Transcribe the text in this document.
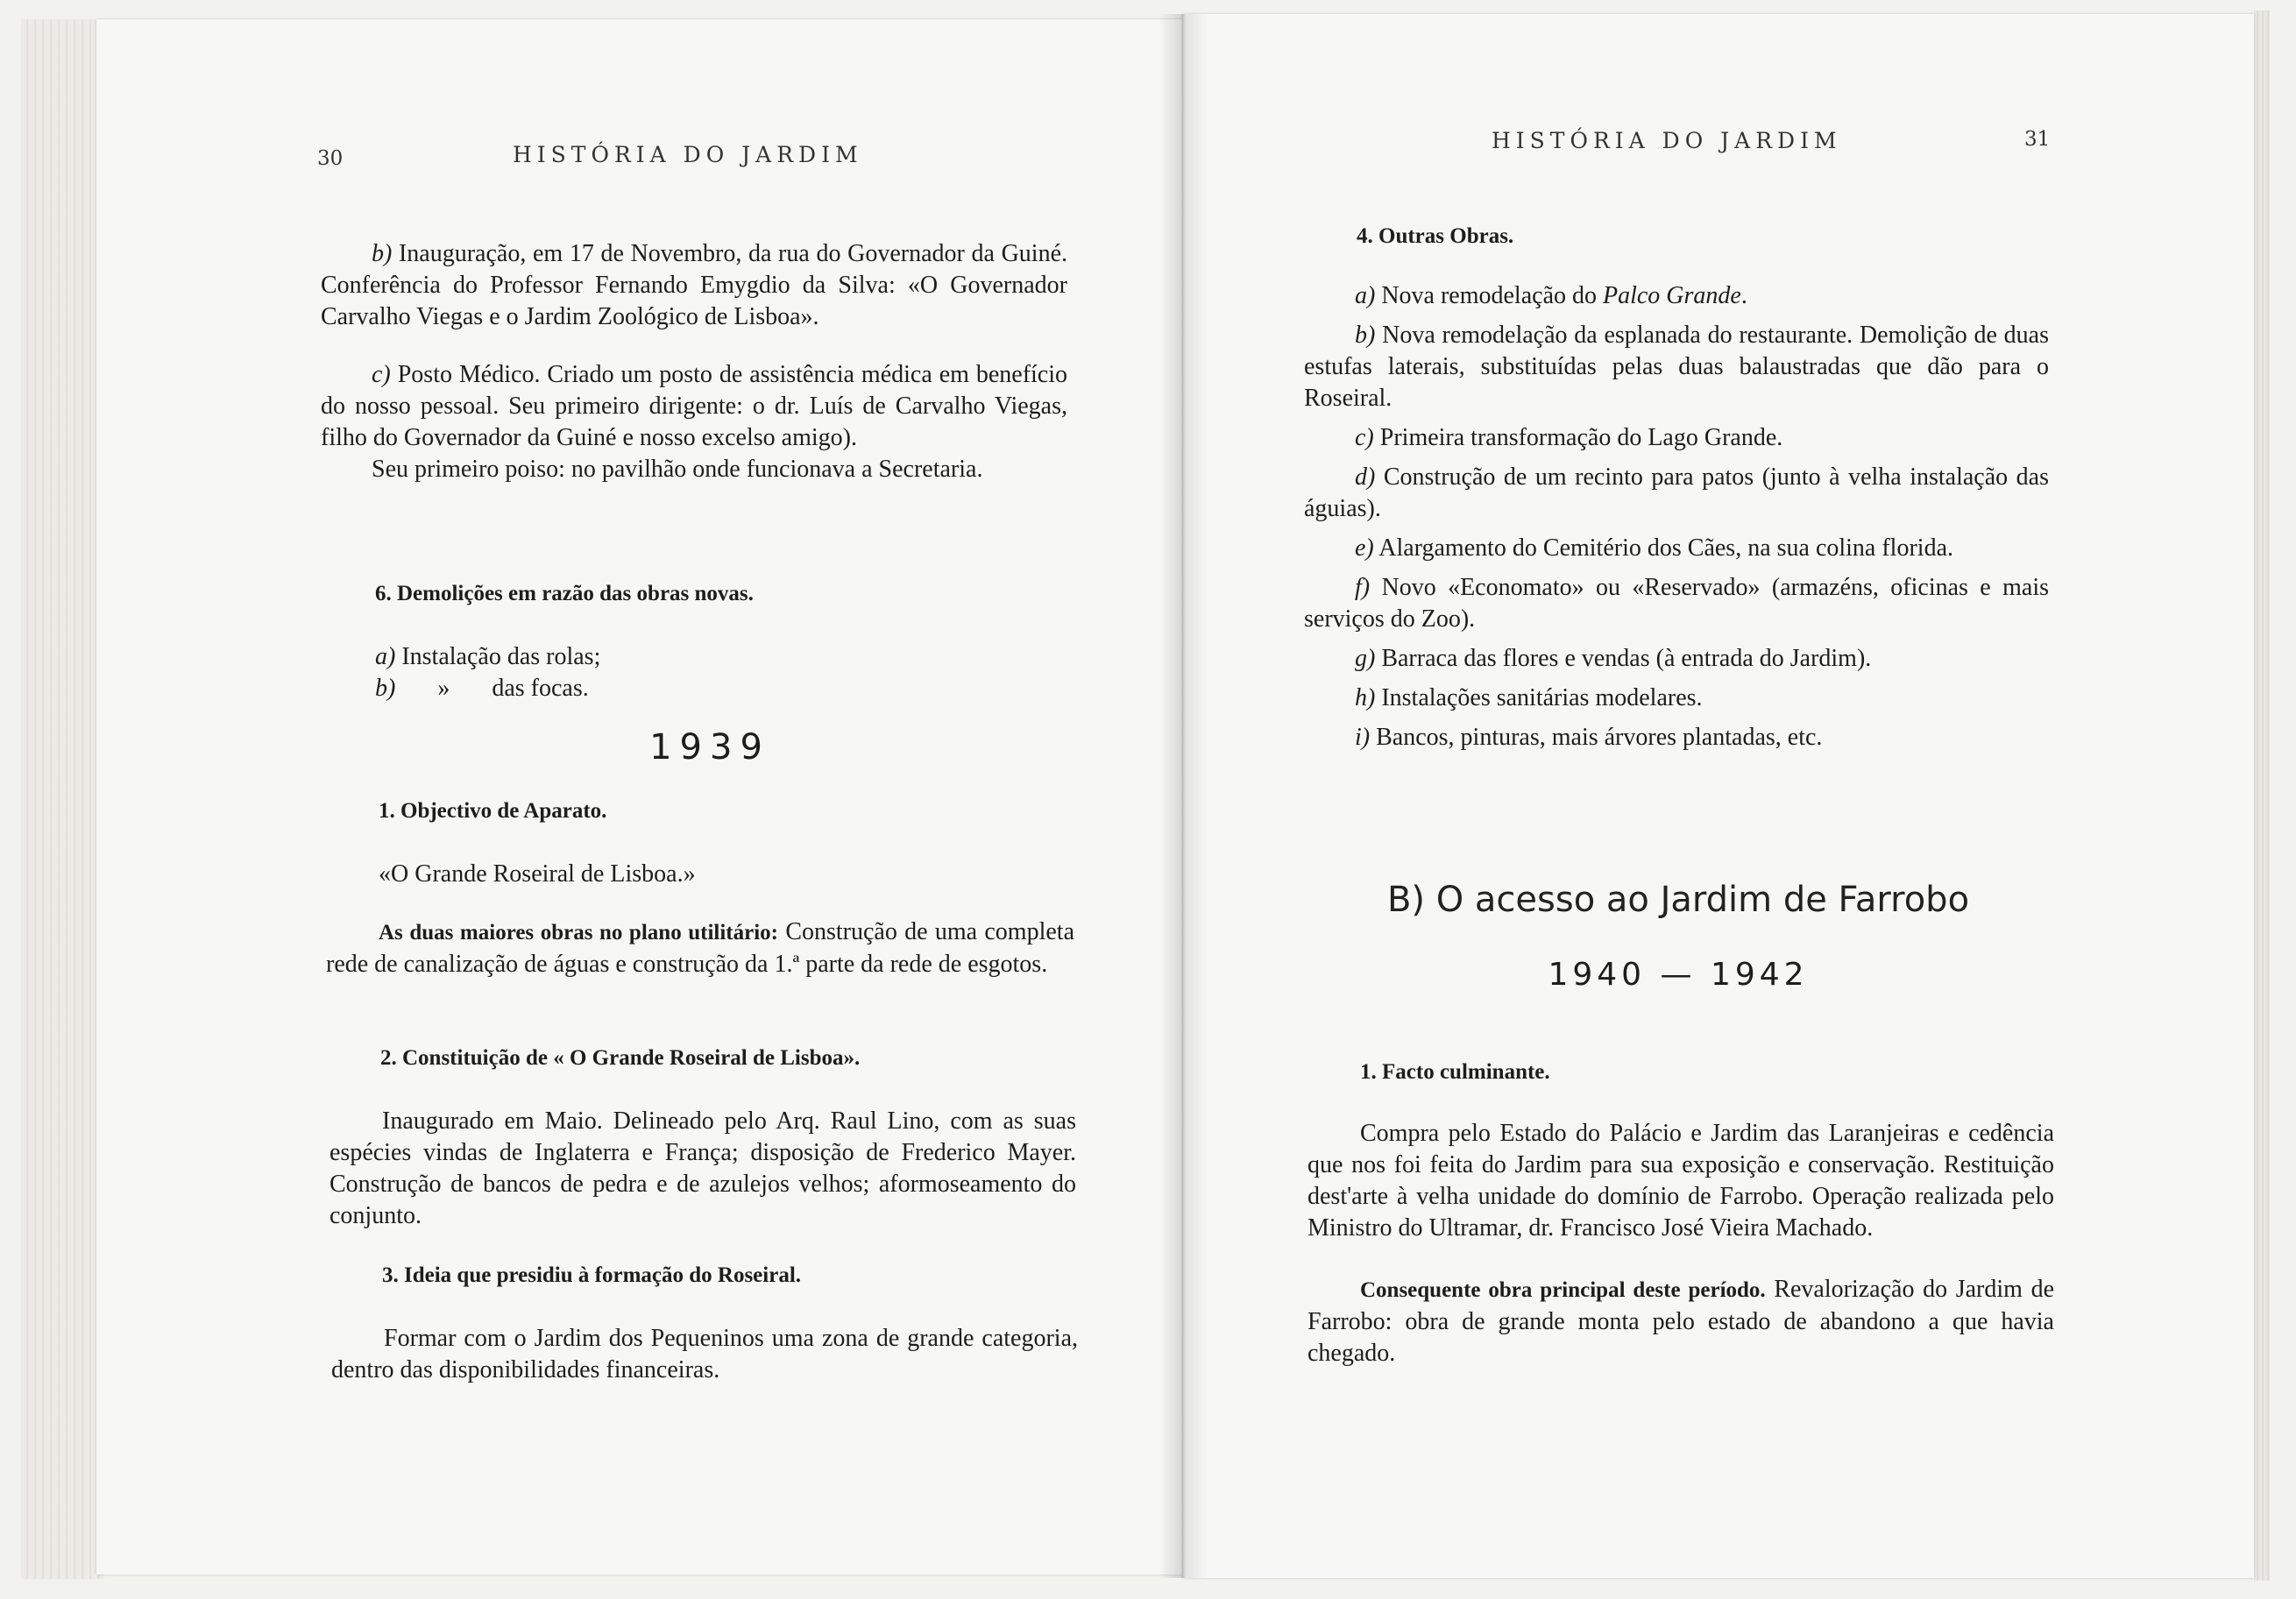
30	HISTÓRIA DO JARDIM

b) Inauguração, em 17 de Novembro, da rua do Governador da Guiné. Conferência do Professor Fernando Emygdio da Silva: «O Governador Carvalho Viegas e o Jardim Zoológico de Lisboa».

c) Posto Médico. Criado um posto de assistência médica em benefício do nosso pessoal. Seu primeiro dirigente: o dr. Luís de Carvalho Viegas, filho do Governador da Guiné e nosso excelso amigo).

Seu primeiro poiso: no pavilhão onde funcionava a Secretaria.

6. Demolições em razão das obras novas.

a) Instalação das rolas;

b) » das focas.

1939
1. Objectivo de Aparato.
«O Grande Roseiral de Lisboa.»

As duas maiores obras no plano utilitário: Construção de uma completa rede de canalização de águas e construção da 1.ª parte da rede de esgotos.

2. Constituição de « O Grande Roseiral de Lisboa».

Inaugurado em Maio. Delineado pelo Arq. Raul Lino, com as suas espécies vindas de Inglaterra e França; disposição de Frederico Mayer. Construção de bancos de pedra e de azulejos velhos; aformoseamento do conjunto.

3. Ideia que presidiu à formação do Roseiral.

Formar com o Jardim dos Pequeninos uma zona de grande categoria, dentro das disponibilidades financeiras.

HISTÓRIA DO JARDIM	31
4. Outras Obras.

a) Nova remodelação do Palco Grande.

b) Nova remodelação da esplanada do restaurante. Demolição de duas estufas laterais, substituídas pelas duas balaustradas que dão para o Roseiral.

c) Primeira transformação do Lago Grande.

d) Construção de um recinto para patos (junto à velha instalação das águias).

e) Alargamento do Cemitério dos Cães, na sua colina florida.

f) Novo «Economato» ou «Reservado» (armazéns, oficinas e mais serviços do Zoo).

g) Barraca das flores e vendas (à entrada do Jardim).

h) Instalações sanitárias modelares.

i) Bancos, pinturas, mais árvores plantadas, etc.

B) O acesso ao Jardim de Farrobo
1940 — 1942
1. Facto culminante.

Compra pelo Estado do Palácio e Jardim das Laranjeiras e cedência que nos foi feita do Jardim para sua exposição e conservação. Restituição dest'arte à velha unidade do domínio de Farrobo. Operação realizada pelo Ministro do Ultramar, dr. Francisco José Vieira Machado.

Consequente obra principal deste período. Revalorização do Jardim de Farrobo: obra de grande monta pelo estado de abandono a que havia chegado.
